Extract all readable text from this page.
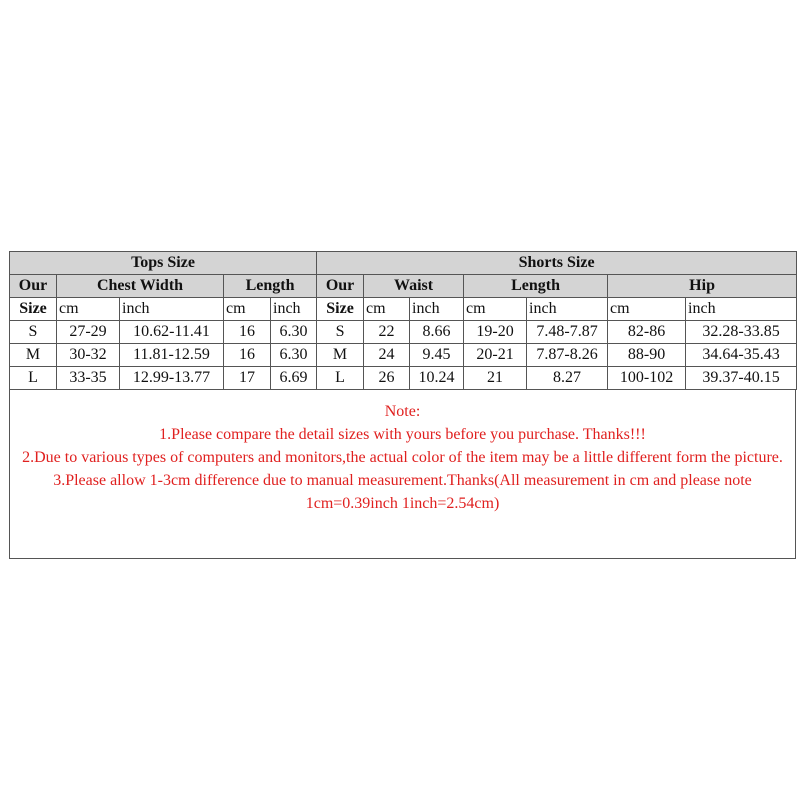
Tops Size					Shorts Size						
Our	Chest Width		Length		Our	Waist		Length		Hip	
Size	cm	inch	cm	inch	Size	cm	inch	cm	inch	cm	inch
S	27-29	10.62-11.41	16	6.30	S	22	8.66	19-20	7.48-7.87	82-86	32.28-33.85
M	30-32	11.81-12.59	16	6.30	M	24	9.45	20-21	7.87-8.26	88-90	34.64-35.43
L	33-35	12.99-13.77	17	6.69	L	26	10.24	21	8.27	100-102	39.37-40.15

Note:

1.Please compare the detail sizes with yours before you purchase. Thanks!!!

2.Due to various types of computers and monitors,the actual color of the item may be a little different form the picture.

3.Please allow 1-3cm difference due to manual measurement.Thanks(All measurement in cm and please note 1cm=0.39inch 1inch=2.54cm)
